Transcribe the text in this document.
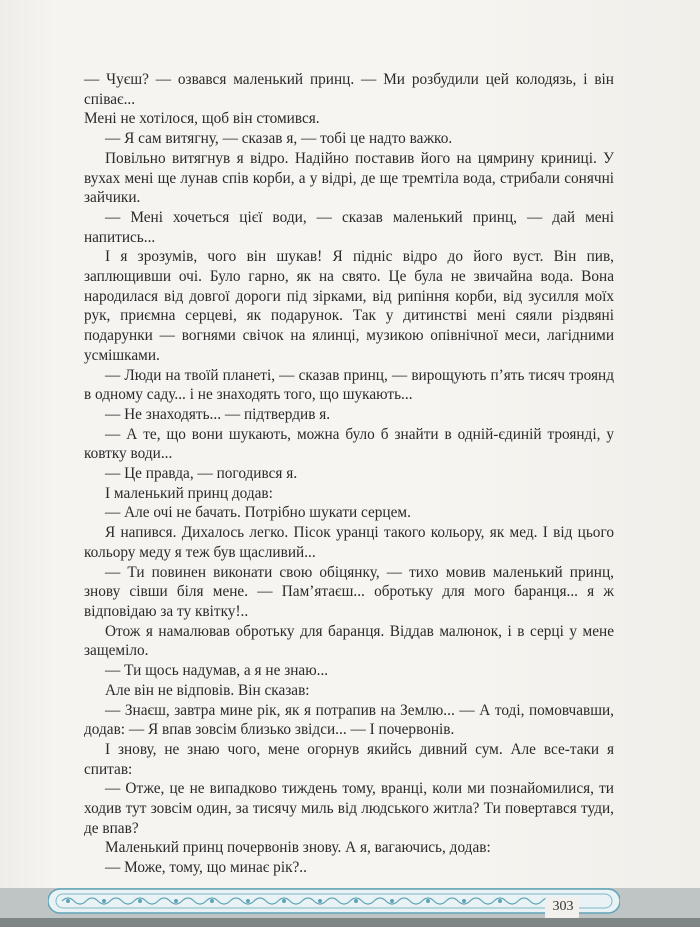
— Чуєш? — озвався маленький принц. — Ми розбудили цей колодязь, і він співає...

Мені не хотілося, щоб він стомився.

— Я сам витягну, — сказав я, — тобі це надто важко.

Повільно витягнув я відро. Надійно поставив його на цямрину криниці. У вухах мені ще лунав спів корби, а у відрі, де ще тремтіла вода, стрибали сонячні зайчики.

— Мені хочеться цієї води, — сказав маленький принц, — дай мені напитись...

І я зрозумів, чого він шукав! Я підніс відро до його вуст. Він пив, заплющивши очі. Було гарно, як на свято. Це була не звичайна вода. Вона народилася від довгої дороги під зірками, від рипіння корби, від зусилля моїх рук, приємна серцеві, як подарунок. Так у дитинстві мені сяяли різдвяні подарунки — вогнями свічок на ялинці, музикою опівнічної меси, лагідними усмішками.

— Люди на твоїй планеті, — сказав принц, — вирощують п’ять тисяч троянд в одному саду... і не знаходять того, що шукають...

— Не знаходять... — підтвердив я.

— А те, що вони шукають, можна було б знайти в одній-єдиній троянді, у ковтку води...

— Це правда, — погодився я.

І маленький принц додав:

— Але очі не бачать. Потрібно шукати серцем.

Я напився. Дихалось легко. Пісок уранці такого кольору, як мед. І від цього кольору меду я теж був щасливий...

— Ти повинен виконати свою обіцянку, — тихо мовив маленький принц, знову сівши біля мене. — Пам’ятаєш... обротьку для мого баранця... я ж відповідаю за ту квітку!..

Отож я намалював обротьку для баранця. Віддав малюнок, і в серці у мене защеміло.

— Ти щось надумав, а я не знаю...

Але він не відповів. Він сказав:

— Знаєш, завтра мине рік, як я потрапив на Землю... — А тоді, помовчавши, додав: — Я впав зовсім близько звідси... — І почервонів.

І знову, не знаю чого, мене огорнув якийсь дивний сум. Але все-таки я спитав:

— Отже, це не випадково тиждень тому, вранці, коли ми познайомилися, ти ходив тут зовсім один, за тисячу миль від людського житла? Ти повертався туди, де впав?

Маленький принц почервонів знову. А я, вагаючись, додав:

— Може, тому, що минає рік?..

303
